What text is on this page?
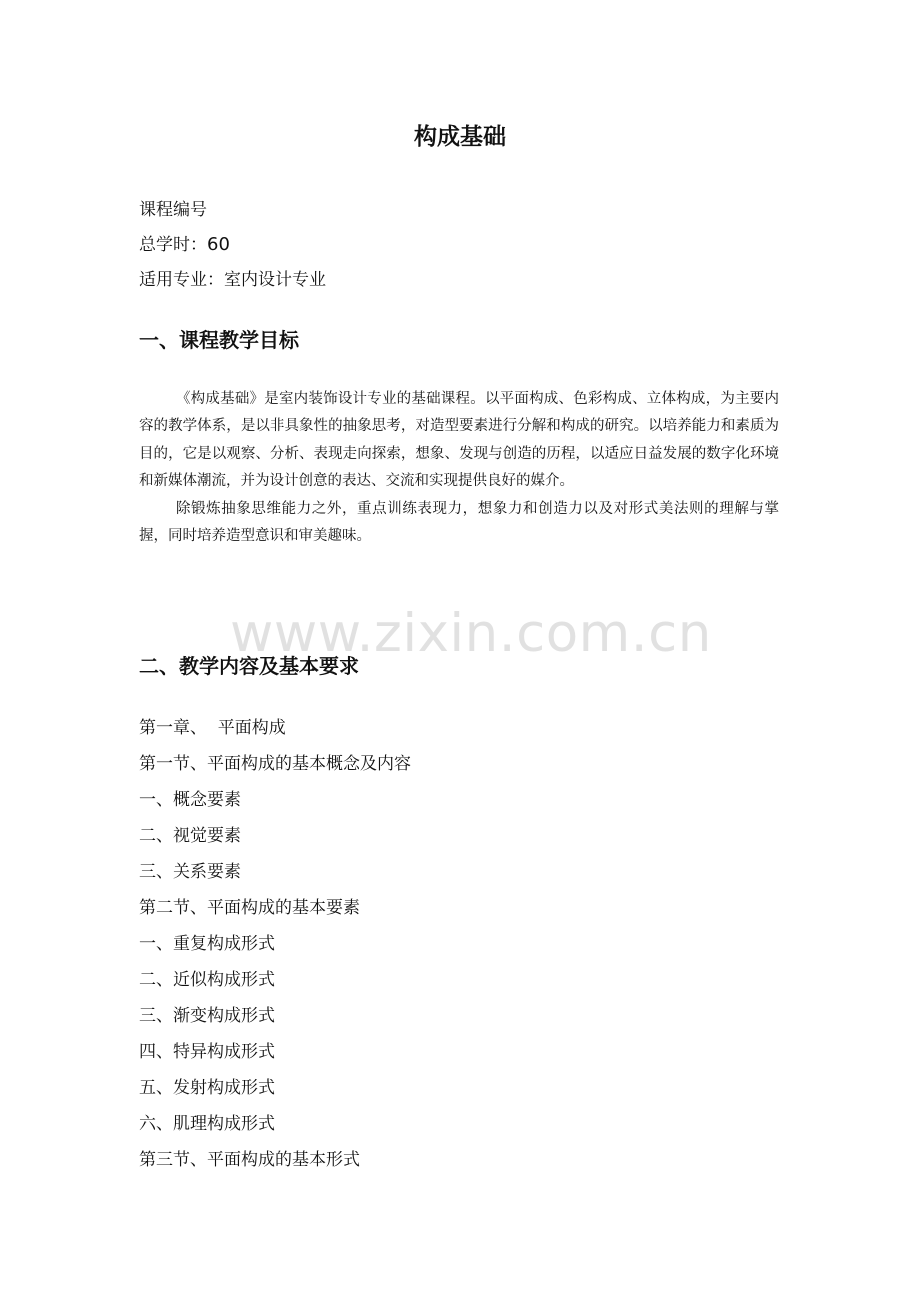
构成基础
课程编号
总学时：60
适用专业：室内设计专业
一、课程教学目标

《构成基础》是室内装饰设计专业的基础课程。以平面构成、色彩构成、立体构成，为主要内容的教学体系，是以非具象性的抽象思考，对造型要素进行分解和构成的研究。以培养能力和素质为目的，它是以观察、分析、表现走向探索，想象、发现与创造的历程，以适应日益发展的数字化环境和新媒体潮流，并为设计创意的表达、交流和实现提供良好的媒介。

除锻炼抽象思维能力之外，重点训练表现力，想象力和创造力以及对形式美法则的理解与掌握，同时培养造型意识和审美趣味。

www.zixin.com.cn
二、教学内容及基本要求
第一章、  平面构成
第一节、平面构成的基本概念及内容
一、概念要素
二、视觉要素
三、关系要素
第二节、平面构成的基本要素
一、重复构成形式
二、近似构成形式
三、渐变构成形式
四、特异构成形式
五、发射构成形式
六、肌理构成形式
第三节、平面构成的基本形式
